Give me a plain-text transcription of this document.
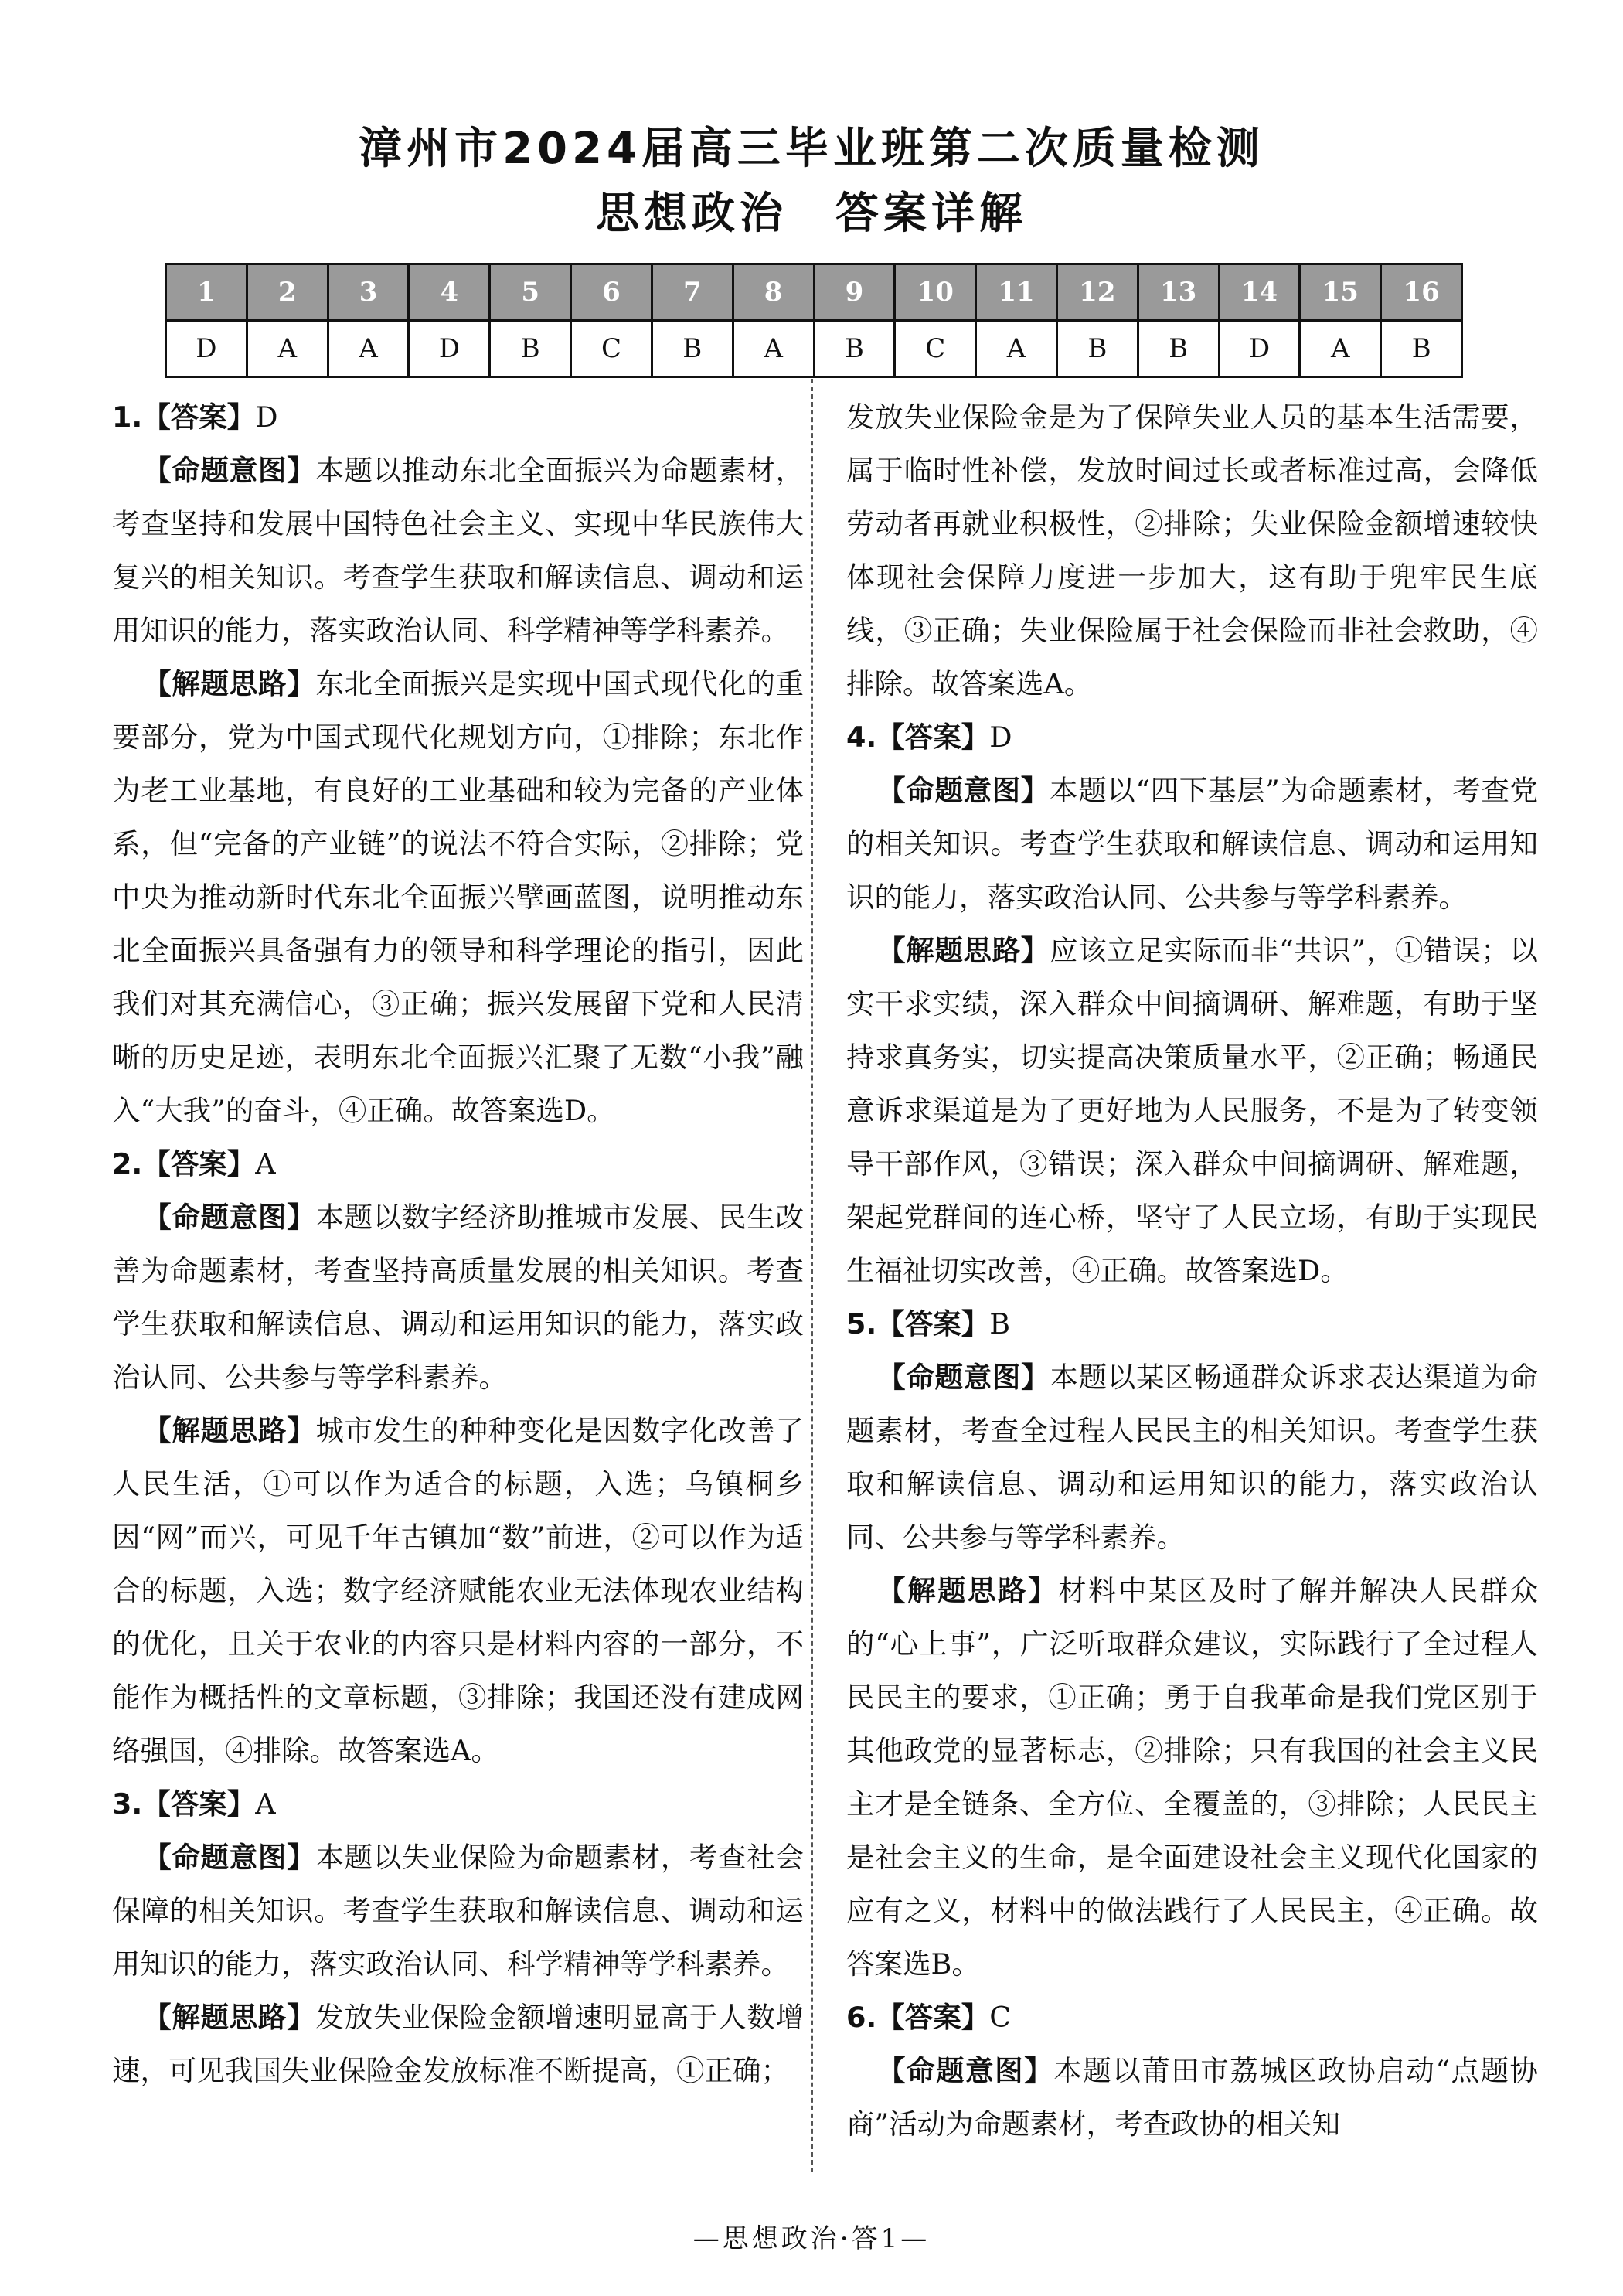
漳州市2024届高三毕业班第二次质量检测
思想政治　答案详解
1	2	3	4	5	6	7	8	9	10	11	12	13	14	15	16
D	A	A	D	B	C	B	A	B	C	A	B	B	D	A	B
1.【答案】D
【命题意图】本题以推动东北全面振兴为命题素材，考查坚持和发展中国特色社会主义、实现中华民族伟大复兴的相关知识。考查学生获取和解读信息、调动和运用知识的能力，落实政治认同、科学精神等学科素养。
【解题思路】东北全面振兴是实现中国式现代化的重要部分，党为中国式现代化规划方向，①排除；东北作为老工业基地，有良好的工业基础和较为完备的产业体系，但“完备的产业链”的说法不符合实际，②排除；党中央为推动新时代东北全面振兴擘画蓝图，说明推动东北全面振兴具备强有力的领导和科学理论的指引，因此我们对其充满信心，③正确；振兴发展留下党和人民清晰的历史足迹，表明东北全面振兴汇聚了无数“小我”融入“大我”的奋斗，④正确。故答案选D。
2.【答案】A
【命题意图】本题以数字经济助推城市发展、民生改善为命题素材，考查坚持高质量发展的相关知识。考查学生获取和解读信息、调动和运用知识的能力，落实政治认同、公共参与等学科素养。
【解题思路】城市发生的种种变化是因数字化改善了人民生活，①可以作为适合的标题，入选；乌镇桐乡因“网”而兴，可见千年古镇加“数”前进，②可以作为适合的标题，入选；数字经济赋能农业无法体现农业结构的优化，且关于农业的内容只是材料内容的一部分，不能作为概括性的文章标题，③排除；我国还没有建成网络强国，④排除。故答案选A。
3.【答案】A
【命题意图】本题以失业保险为命题素材，考查社会保障的相关知识。考查学生获取和解读信息、调动和运用知识的能力，落实政治认同、科学精神等学科素养。
【解题思路】发放失业保险金额增速明显高于人数增速，可见我国失业保险金发放标准不断提高，①正确；
发放失业保险金是为了保障失业人员的基本生活需要，属于临时性补偿，发放时间过长或者标准过高，会降低劳动者再就业积极性，②排除；失业保险金额增速较快体现社会保障力度进一步加大，这有助于兜牢民生底线，③正确；失业保险属于社会保险而非社会救助，④排除。故答案选A。
4.【答案】D
【命题意图】本题以“四下基层”为命题素材，考查党的相关知识。考查学生获取和解读信息、调动和运用知识的能力，落实政治认同、公共参与等学科素养。
【解题思路】应该立足实际而非“共识”，①错误；以实干求实绩，深入群众中间摘调研、解难题，有助于坚持求真务实，切实提高决策质量水平，②正确；畅通民意诉求渠道是为了更好地为人民服务，不是为了转变领导干部作风，③错误；深入群众中间摘调研、解难题，架起党群间的连心桥，坚守了人民立场，有助于实现民生福祉切实改善，④正确。故答案选D。
5.【答案】B
【命题意图】本题以某区畅通群众诉求表达渠道为命题素材，考查全过程人民民主的相关知识。考查学生获取和解读信息、调动和运用知识的能力，落实政治认同、公共参与等学科素养。
【解题思路】材料中某区及时了解并解决人民群众的“心上事”，广泛听取群众建议，实际践行了全过程人民民主的要求，①正确；勇于自我革命是我们党区别于其他政党的显著标志，②排除；只有我国的社会主义民主才是全链条、全方位、全覆盖的，③排除；人民民主是社会主义的生命，是全面建设社会主义现代化国家的应有之义，材料中的做法践行了人民民主，④正确。故答案选B。
6.【答案】C
【命题意图】本题以莆田市荔城区政协启动“点题协商”活动为命题素材，考查政协的相关知
—思想政治·答1—
